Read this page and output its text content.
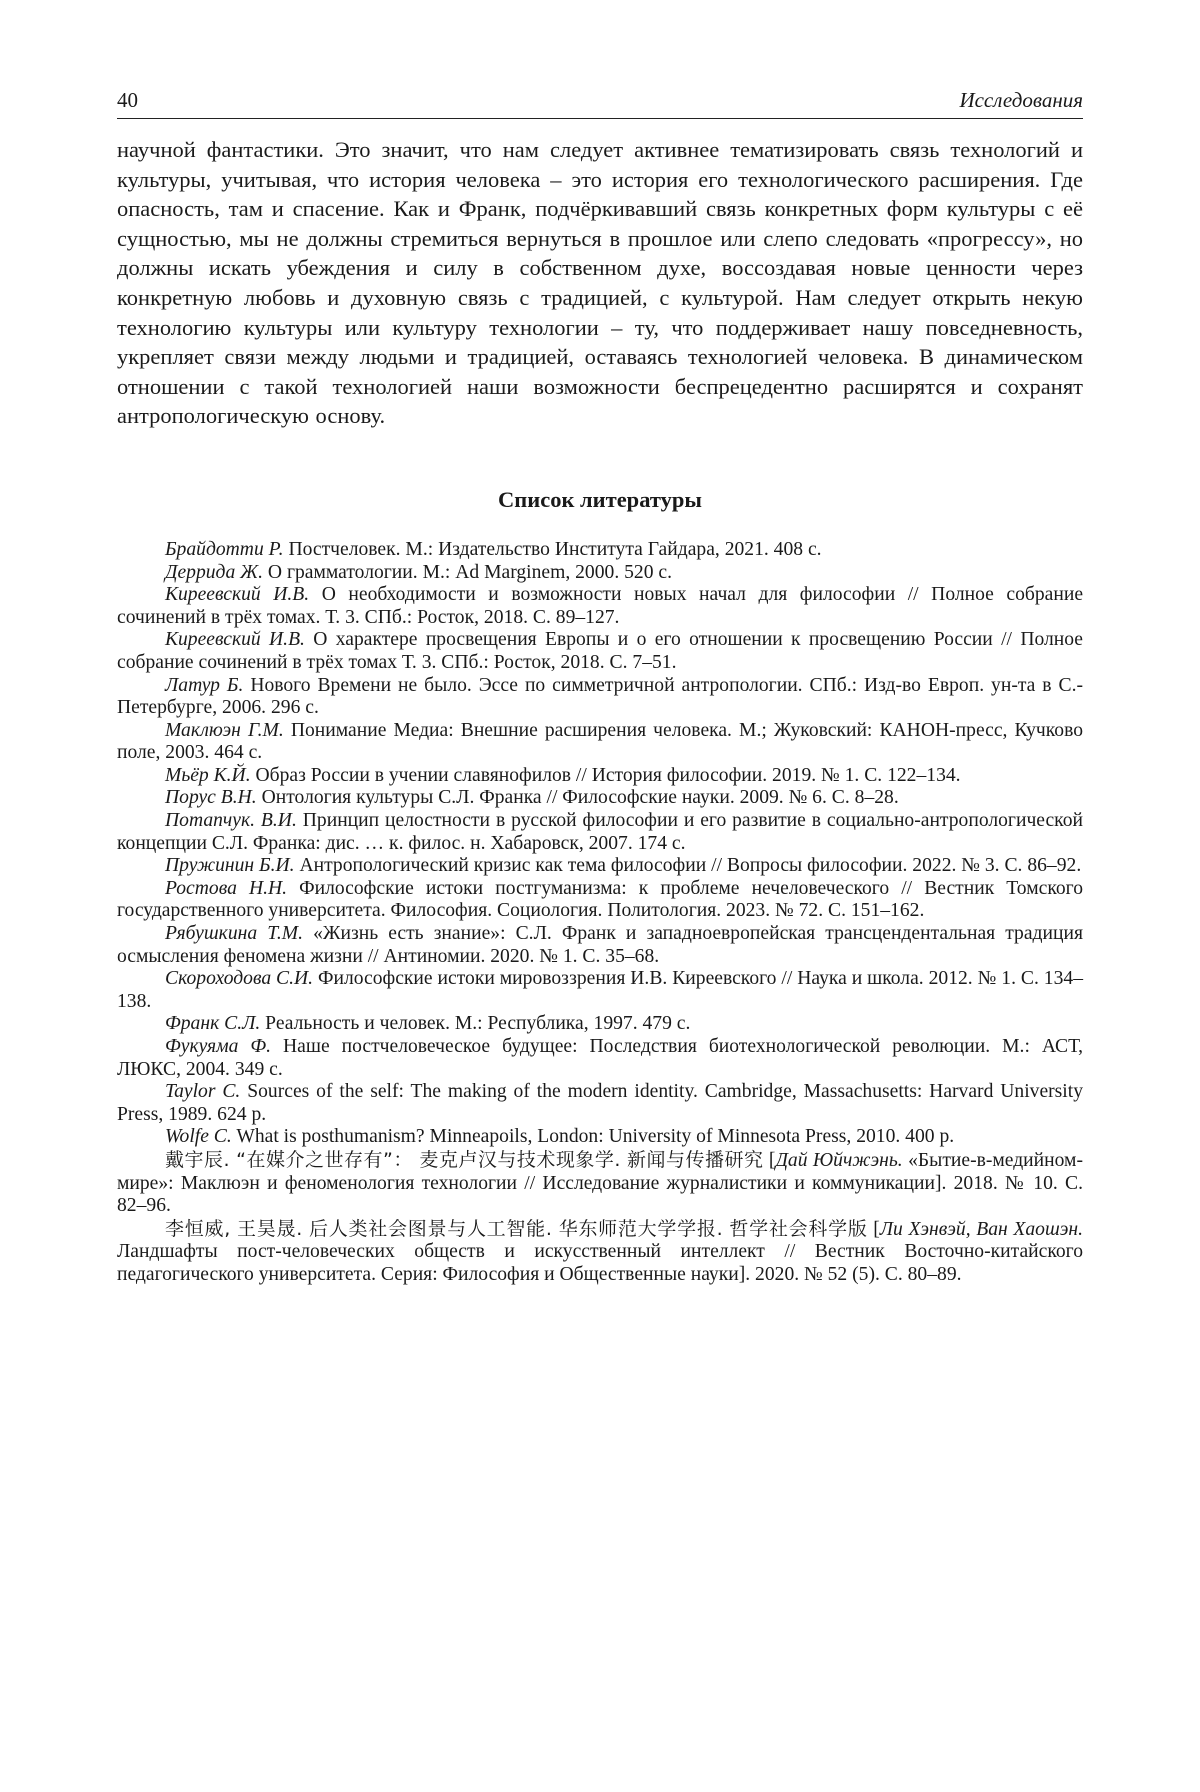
40	Исследования

научной фантастики. Это значит, что нам следует активнее тематизировать связь технологий и культуры, учитывая, что история человека – это история его технологического расширения. Где опасность, там и спасение. Как и Франк, подчёркивавший связь конкретных форм культуры с её сущностью, мы не должны стремиться вернуться в прошлое или слепо следовать «прогрессу», но должны искать убеждения и силу в собственном духе, воссоздавая новые ценности через конкретную любовь и духовную связь с традицией, с культурой. Нам следует открыть некую технологию культуры или культуру технологии – ту, что поддерживает нашу повседневность, укрепляет связи между людьми и традицией, оставаясь технологией человека. В динамическом отношении с такой технологией наши возможности беспрецедентно расширятся и сохранят антропологическую основу.

Список литературы

Брайдотти Р. Постчеловек. М.: Издательство Института Гайдара, 2021. 408 с.

Деррида Ж. О грамматологии. М.: Ad Marginem, 2000. 520 с.

Киреевский И.В. О необходимости и возможности новых начал для философии // Полное собрание сочинений в трёх томах. Т. 3. СПб.: Росток, 2018. С. 89–127.

Киреевский И.В. О характере просвещения Европы и о его отношении к просвещению России // Полное собрание сочинений в трёх томах Т. 3. СПб.: Росток, 2018. С. 7–51.

Латур Б. Нового Времени не было. Эссе по симметричной антропологии. СПб.: Изд-во Европ. ун-та в С.-Петербурге, 2006. 296 с.

Маклюэн Г.М. Понимание Медиа: Внешние расширения человека. М.; Жуковский: КАНОН-пресс, Кучково поле, 2003. 464 с.

Мьёр К.Й. Образ России в учении славянофилов // История философии. 2019. № 1. С. 122–134.

Порус В.Н. Онтология культуры С.Л. Франка // Философские науки. 2009. № 6. С. 8–28.

Потапчук. В.И. Принцип целостности в русской философии и его развитие в социально-антропологической концепции С.Л. Франка: дис. … к. филос. н. Хабаровск, 2007. 174 с.

Пружинин Б.И. Антропологический кризис как тема философии // Вопросы философии. 2022. № 3. С. 86–92.

Ростова Н.Н. Философские истоки постгуманизма: к проблеме нечеловеческого // Вестник Томского государственного университета. Философия. Социология. Политология. 2023. № 72. С. 151–162.

Рябушкина Т.М. «Жизнь есть знание»: С.Л. Франк и западноевропейская трансцендентальная традиция осмысления феномена жизни // Антиномии. 2020. № 1. С. 35–68.

Скороходова С.И. Философские истоки мировоззрения И.В. Киреевского // Наука и школа. 2012. № 1. С. 134–138.

Франк С.Л. Реальность и человек. М.: Республика, 1997. 479 с.

Фукуяма Ф. Наше постчеловеческое будущее: Последствия биотехнологической революции. М.: АСТ, ЛЮКС, 2004. 349 с.

Taylor C. Sources of the self: The making of the modern identity. Cambridge, Massachusetts: Harvard University Press, 1989. 624 p.

Wolfe C. What is posthumanism? Minneapoils, London: University of Minnesota Press, 2010. 400 p.

戴宇辰. “在媒介之世存有”： 麦克卢汉与技术现象学. 新闻与传播研究 [Дай Юйчжэнь. «Бытие-в-медийном-мире»: Маклюэн и феноменология технологии // Исследование журналистики и коммуникации]. 2018. № 10. С. 82–96.

李恒威, 王昊晟. 后人类社会图景与人工智能. 华东师范大学学报. 哲学社会科学版 [Ли Хэнвэй, Ван Хаошэн. Ландшафты пост-человеческих обществ и искусственный интеллект // Вестник Восточно-китайского педагогического университета. Серия: Философия и Общественные науки]. 2020. № 52 (5). С. 80–89.
